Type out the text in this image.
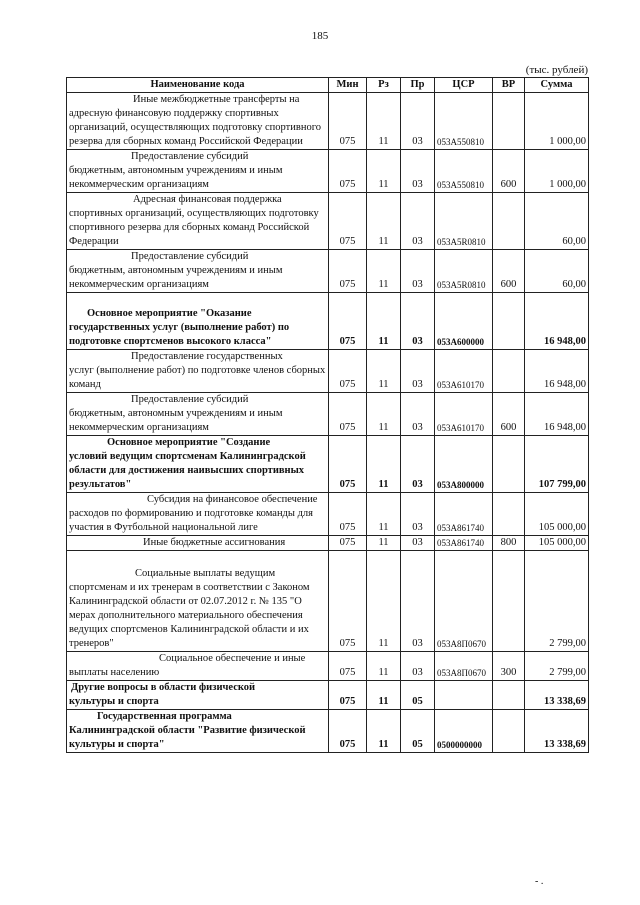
185
(тыс. рублей)
Наименование кода	Мин	Рз	Пр	ЦСР	ВР	Сумма

Иные межбюджетные трансферты на
адресную финансовую поддержку спортивных организаций, осуществляющих подготовку спортивного резерва для сборных команд Российской Федерации	075	11	03	053А550810		1 000,00

Предоставление субсидий
бюджетным, автономным учреждениям и иным некоммерческим организациям	075	11	03	053А550810	600	1 000,00

Адресная финансовая поддержка
спортивных организаций, осуществляющих подготовку спортивного резерва для сборных команд Российской Федерации	075	11	03	053А5R0810		60,00

Предоставление субсидий
бюджетным, автономным учреждениям и иным некоммерческим организациям	075	11	03	053А5R0810	600	60,00

Основное мероприятие "Оказание
государственных услуг (выполнение работ) по подготовке спортсменов высокого класса"	075	11	03	053А600000		16 948,00

Предоставление государственных
услуг (выполнение работ) по подготовке членов сборных команд	075	11	03	053А610170		16 948,00

Предоставление субсидий
бюджетным, автономным учреждениям и иным некоммерческим организациям	075	11	03	053А610170	600	16 948,00

Основное мероприятие "Создание
условий ведущим спортсменам Калининградской области для достижения наивысших спортивных результатов"	075	11	03	053А800000		107 799,00

Субсидия на финансовое обеспечение
расходов по формированию и подготовке команды для участия в Футбольной национальной лиге	075	11	03	053А861740		105 000,00

Иные бюджетные ассигнования	075	11	03	053А861740	800	105 000,00

Социальные выплаты ведущим
спортсменам и их тренерам в соответствии с Законом Калининградской области от 02.07.2012 г. № 135 "О мерах дополнительного материального обеспечения ведущих спортсменов Калининградской области и их тренеров"	075	11	03	053А8П0670		2 799,00

Социальное обеспечение и иные
выплаты населению	075	11	03	053А8П0670	300	2 799,00

Другие вопросы в области физической
культуры и спорта	075	11	05			13 338,69

Государственная программа
Калининградской области "Развитие физической культуры и спорта"	075	11	05	0500000000		13 338,69
- .
